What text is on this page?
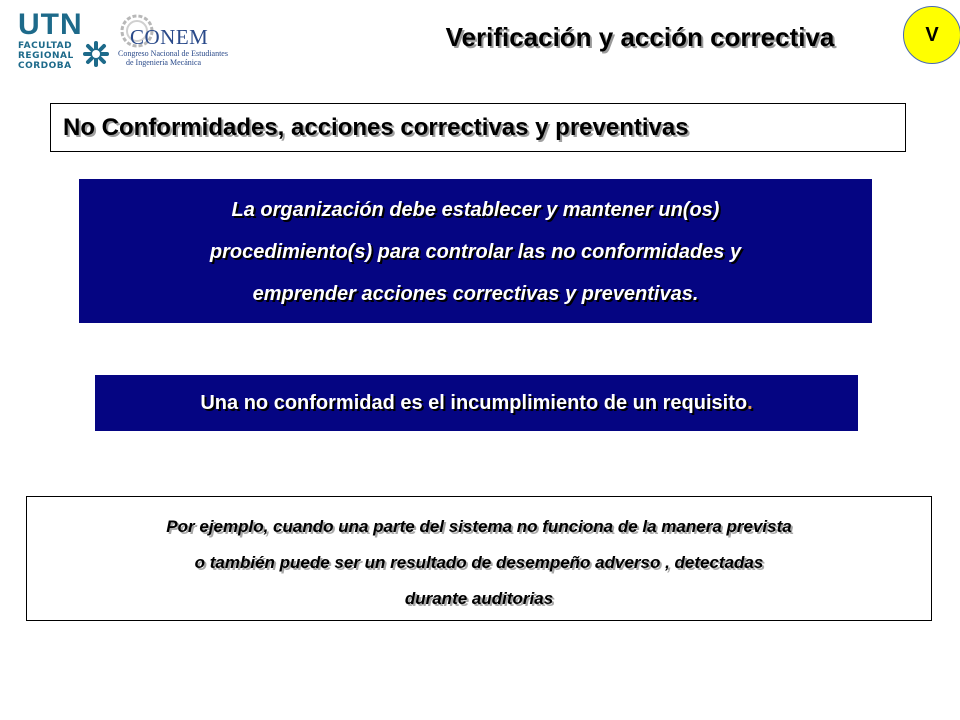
UTN
FACULTAD
REGIONAL
CORDOBA
CONEM
Congreso Nacional de Estudiantes
de Ingeniería Mecánica
Verificación y acción correctiva	V
No Conformidades, acciones correctivas y preventivas
La organización debe establecer y mantener un(os)
procedimiento(s) para controlar las no conformidades y
emprender acciones correctivas y preventivas.
Una no conformidad es el incumplimiento de un requisito .
Por ejemplo, cuando una parte del sistema no funciona de la manera prevista
o también puede ser un resultado de desempeño adverso , detectadas
durante auditorias
